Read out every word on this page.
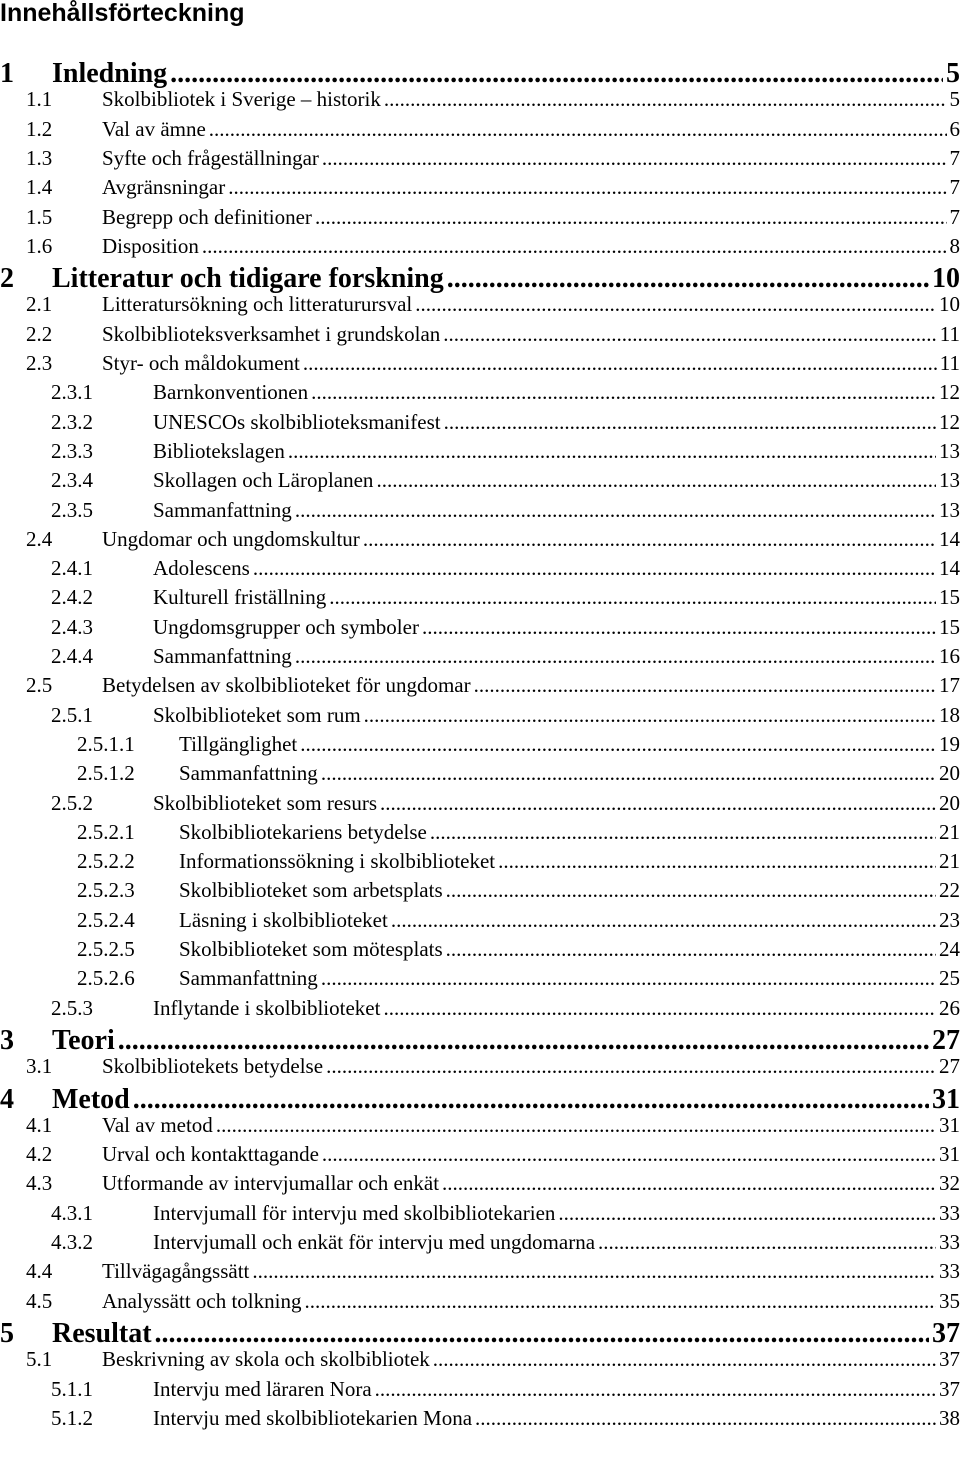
Innehållsförteckning
1	Inledning .....	5
1.1	Skolbibliotek i Sverige – historik .....	5
1.2	Val av ämne .....	6
1.3	Syfte och frågeställningar .....	7
1.4	Avgränsningar .....	7
1.5	Begrepp och definitioner .....	7
1.6	Disposition .....	8
2	Litteratur och tidigare forskning .....	10
2.1	Litteratursökning och litteraturursval .....	10
2.2	Skolbiblioteksverksamhet i grundskolan .....	11
2.3	Styr- och måldokument .....	11
2.3.1	Barnkonventionen .....	12
2.3.2	UNESCOs skolbiblioteksmanifest .....	12
2.3.3	Bibliotekslagen .....	13
2.3.4	Skollagen och Läroplanen .....	13
2.3.5	Sammanfattning .....	13
2.4	Ungdomar och ungdomskultur .....	14
2.4.1	Adolescens .....	14
2.4.2	Kulturell friställning .....	15
2.4.3	Ungdomsgrupper och symboler .....	15
2.4.4	Sammanfattning .....	16
2.5	Betydelsen av skolbiblioteket för ungdomar .....	17
2.5.1	Skolbiblioteket som rum .....	18
2.5.1.1	Tillgänglighet .....	19
2.5.1.2	Sammanfattning .....	20
2.5.2	Skolbiblioteket som resurs .....	20
2.5.2.1	Skolbibliotekariens betydelse .....	21
2.5.2.2	Informationssökning i skolbiblioteket .....	21
2.5.2.3	Skolbiblioteket som arbetsplats .....	22
2.5.2.4	Läsning i skolbiblioteket .....	23
2.5.2.5	Skolbiblioteket som mötesplats .....	24
2.5.2.6	Sammanfattning .....	25
2.5.3	Inflytande i skolbiblioteket .....	26
3	Teori .....	27
3.1	Skolbibliotekets betydelse .....	27
4	Metod .....	31
4.1	Val av metod .....	31
4.2	Urval och kontakttagande .....	31
4.3	Utformande av intervjumallar och enkät .....	32
4.3.1	Intervjumall för intervju med skolbibliotekarien .....	33
4.3.2	Intervjumall och enkät för intervju med ungdomarna .....	33
4.4	Tillvägagångssätt .....	33
4.5	Analyssätt och tolkning .....	35
5	Resultat .....	37
5.1	Beskrivning av skola och skolbibliotek .....	37
5.1.1	Intervju med läraren Nora .....	37
5.1.2	Intervju med skolbibliotekarien Mona .....	38
